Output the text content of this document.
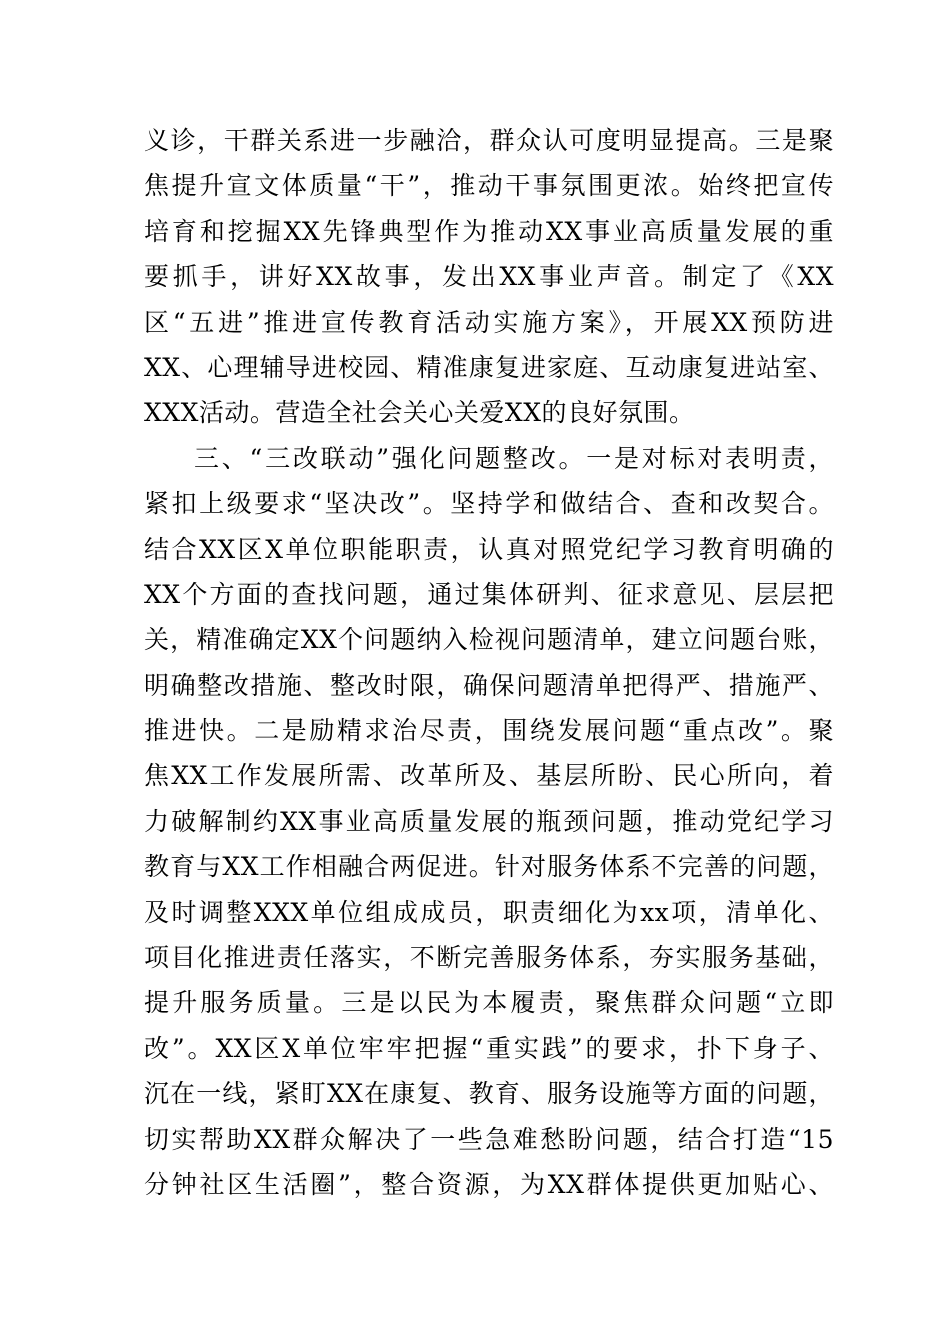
义诊，干群关系进一步融洽，群众认可度明显提高。三是聚
焦提升宣文体质量“干”，推动干事氛围更浓。始终把宣传
培育和挖掘XX先锋典型作为推动XX事业高质量发展的重
要抓手，讲好XX故事，发出XX事业声音。制定了《XX
区“五进”推进宣传教育活动实施方案》，开展XX预防进
XX、心理辅导进校园、精准康复进家庭、互动康复进站室、
XXX活动。营造全社会关心关爱XX的良好氛围。
三、“三改联动”强化问题整改。一是对标对表明责，
紧扣上级要求“坚决改”。坚持学和做结合、查和改契合。
结合XX区X单位职能职责，认真对照党纪学习教育明确的
XX个方面的查找问题，通过集体研判、征求意见、层层把
关，精准确定XX个问题纳入检视问题清单，建立问题台账，
明确整改措施、整改时限，确保问题清单把得严、措施严、
推进快。二是励精求治尽责，围绕发展问题“重点改”。聚
焦XX工作发展所需、改革所及、基层所盼、民心所向，着
力破解制约XX事业高质量发展的瓶颈问题，推动党纪学习
教育与XX工作相融合两促进。针对服务体系不完善的问题，
及时调整XXX单位组成成员，职责细化为xx项，清单化、
项目化推进责任落实，不断完善服务体系，夯实服务基础，
提升服务质量。三是以民为本履责，聚焦群众问题“立即
改”。XX区X单位牢牢把握“重实践”的要求，扑下身子、
沉在一线，紧盯XX在康复、教育、服务设施等方面的问题，
切实帮助XX群众解决了一些急难愁盼问题，结合打造“15
分钟社区生活圈”，整合资源，为XX群体提供更加贴心、
